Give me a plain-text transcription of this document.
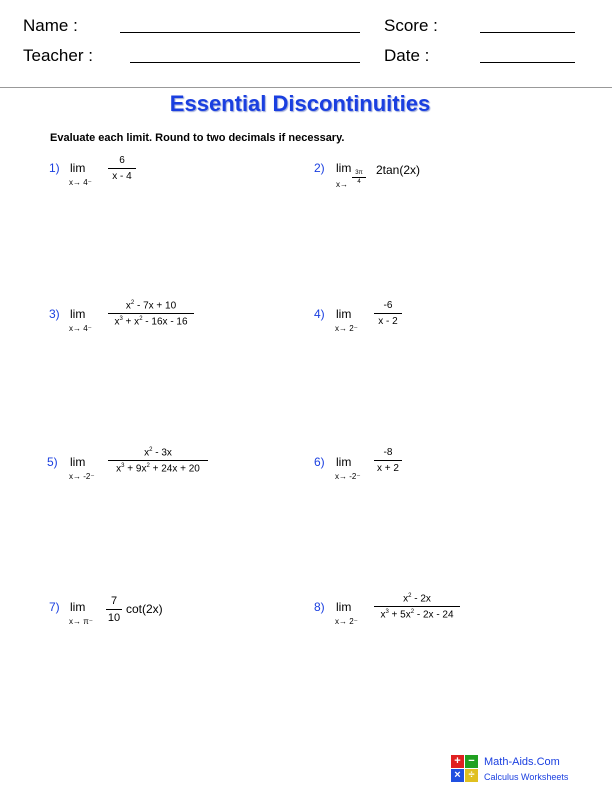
Name :	Score :
Teacher :	Date :
Essential Discontinuities
Evaluate each limit. Round to two decimals if necessary.
1) lim
x→ 4⁻
6
x - 4
2) lim
x→
3π
4
2tan(2x)
3) lim
x→ 4⁻
$x^2 - 7x + 10$
$x^3 + x^2 - 16x - 16$
4) lim
x→ 2⁻
-6
x - 2
5) lim
x→ -2⁻
$x^2 - 3x$
$x^3 + 9x^2 + 24x + 20$
6) lim
x→ -2⁻
-8
x + 2
7) lim
x→ π⁻
7
10
cot(2x)	8) lim
x→ 2⁻
$x^2 - 2x$
$x^3 + 5x^2 - 2x - 24$
+ −
× ÷
Math-Aids.Com
Calculus Worksheets
